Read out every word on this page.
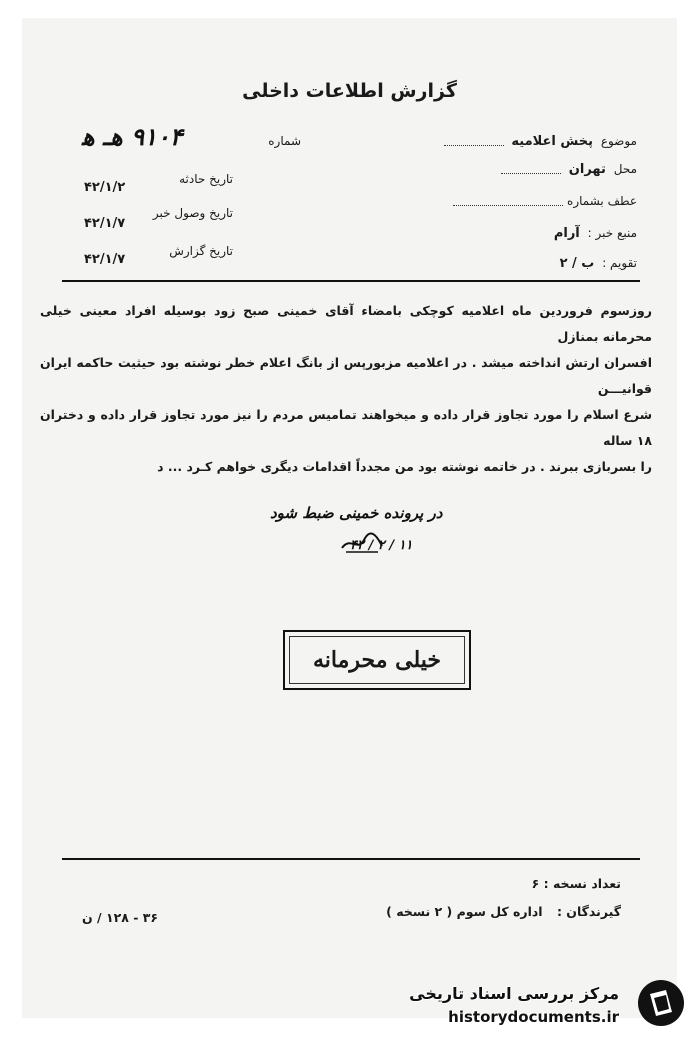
گزارش اطلاعات داخلی
موضوع پخش اعلامیه
محل تهران
عطف بشماره
منبع خبر : آرام
تقویم : ب / ۲
شماره
۹۱۰۴ هـ ه‍
تاریخ حادثه
۴۲/۱/۲
تاریخ وصول خبر
۴۲/۱/۷
تاریخ گزارش
۴۲/۱/۷
روزسوم فروردین ماه اعلامیه کوچکی بامضاء آقای خمینی صبح زود بوسیله افراد معینی خیلی محرمانه بمنازل
افسران ارتش انداخته میشد . در اعلامیه مزبورپس از بانگ اعلام خطر نوشته بود حیثیت حاکمه ایران قوانیـــن
شرع اسلام را مورد تجاوز قرار داده و میخواهند تمامیس مردم را نیز مورد تجاوز قرار داده و دختران ۱۸ ساله
را بسربازی ببرند . در خاتمه نوشته بود من مجدداً اقدامات دیگری خواهم کـرد ... د
در پرونده خمینی ضبط شود
۱۱ / ۲ / ۴۲
خیلی محرمانه
تعداد نسخه : ۶
گیرندگان : اداره کل سوم ( ۲ نسخه )
۳۶ - ۱۲۸ / ن
مرکز بررسی اسناد تاریخی
historydocuments.ir
